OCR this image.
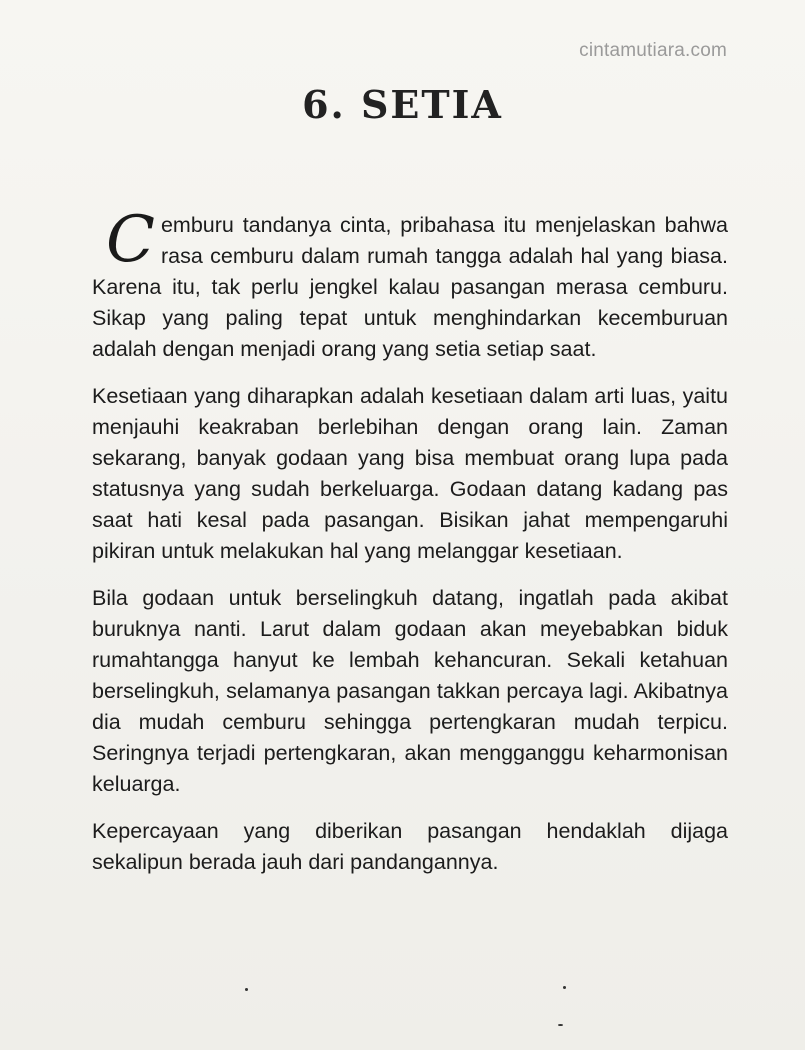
cintamutiara.com
6. SETIA

Cemburu tandanya cinta, pribahasa itu menjelaskan bahwa rasa cemburu dalam rumah tangga adalah hal yang biasa. Karena itu, tak perlu jengkel kalau pasangan merasa cemburu. Sikap yang paling tepat untuk menghindarkan kecemburuan adalah dengan menjadi orang yang setia setiap saat.

Kesetiaan yang diharapkan adalah kesetiaan dalam arti luas, yaitu menjauhi keakraban berlebihan dengan orang lain. Zaman sekarang, banyak godaan yang bisa membuat orang lupa pada statusnya yang sudah berkeluarga. Godaan datang kadang pas saat hati kesal pada pasangan. Bisikan jahat mempengaruhi pikiran untuk melakukan hal yang melanggar kesetiaan.

Bila godaan untuk berselingkuh datang, ingatlah pada akibat buruknya nanti. Larut dalam godaan akan meyebabkan biduk rumahtangga hanyut ke lembah kehancuran. Sekali ketahuan berselingkuh, selamanya pasangan takkan percaya lagi. Akibatnya dia mudah cemburu sehingga pertengkaran mudah terpicu. Seringnya terjadi pertengkaran, akan mengganggu keharmonisan keluarga.

Kepercayaan yang diberikan pasangan hendaklah dijaga sekalipun berada jauh dari pandangannya.
